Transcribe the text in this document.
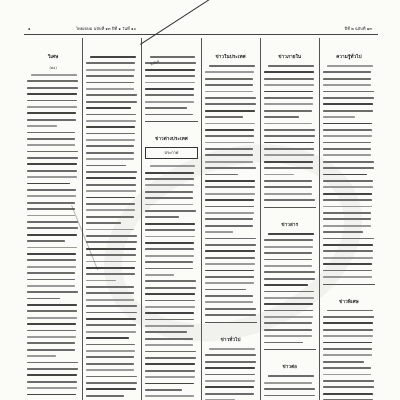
๑	ไทยเขษม ฉบับที่ ๑๓ ปีที่ ๑ วันที่ ๑๐	ปีที่ ๒ ฉบับที่ ๑๓
วิเศษ
(ต่อ)
ข่าวต่างประเทศ
ประกาศ
ข่าวในประเทศ
ข่าวทั่วไป
ข่าวภายใน
ข่าวสาร
ข่าวต่อ
ความรู้ทั่วไป
ข่าวพิเศษ
สิ่งพิมพ์
